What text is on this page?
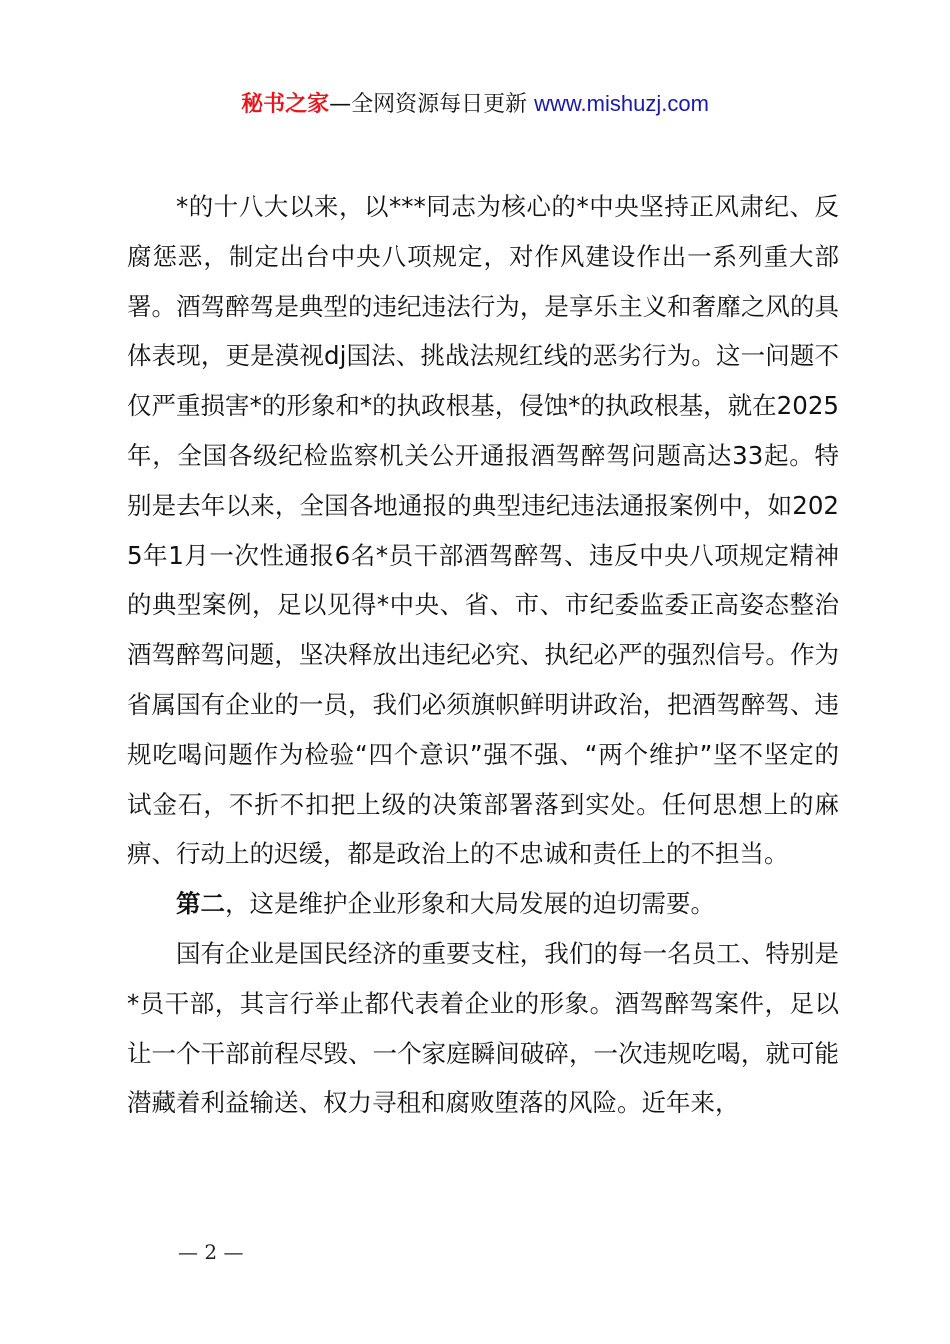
秘书之家—全网资源每日更新 www.mishuzj.com

*的十八大以来，以***同志为核心的*中央坚持正风肃纪、反腐惩恶，制定出台中央八项规定，对作风建设作出一系列重大部署。酒驾醉驾是典型的违纪违法行为，是享乐主义和奢靡之风的具体表现，更是漠视dj国法、挑战法规红线的恶劣行为。这一问题不仅严重损害*的形象和*的执政根基，侵蚀*的执政根基，就在2025年，全国各级纪检监察机关公开通报酒驾醉驾问题高达33起。特别是去年以来，全国各地通报的典型违纪违法通报案例中，如2025年1月一次性通报6名*员干部酒驾醉驾、违反中央八项规定精神的典型案例，足以见得*中央、省、市、市纪委监委正高姿态整治酒驾醉驾问题，坚决释放出违纪必究、执纪必严的强烈信号。作为省属国有企业的一员，我们必须旗帜鲜明讲政治，把酒驾醉驾、违规吃喝问题作为检验“四个意识”强不强、“两个维护”坚不坚定的试金石，不折不扣把上级的决策部署落到实处。任何思想上的麻痹、行动上的迟缓，都是政治上的不忠诚和责任上的不担当。

第二，这是维护企业形象和大局发展的迫切需要。

国有企业是国民经济的重要支柱，我们的每一名员工、特别是*员干部，其言行举止都代表着企业的形象。酒驾醉驾案件，足以让一个干部前程尽毁、一个家庭瞬间破碎，一次违规吃喝，就可能潜藏着利益输送、权力寻租和腐败堕落的风险。近年来，

— 2 —
